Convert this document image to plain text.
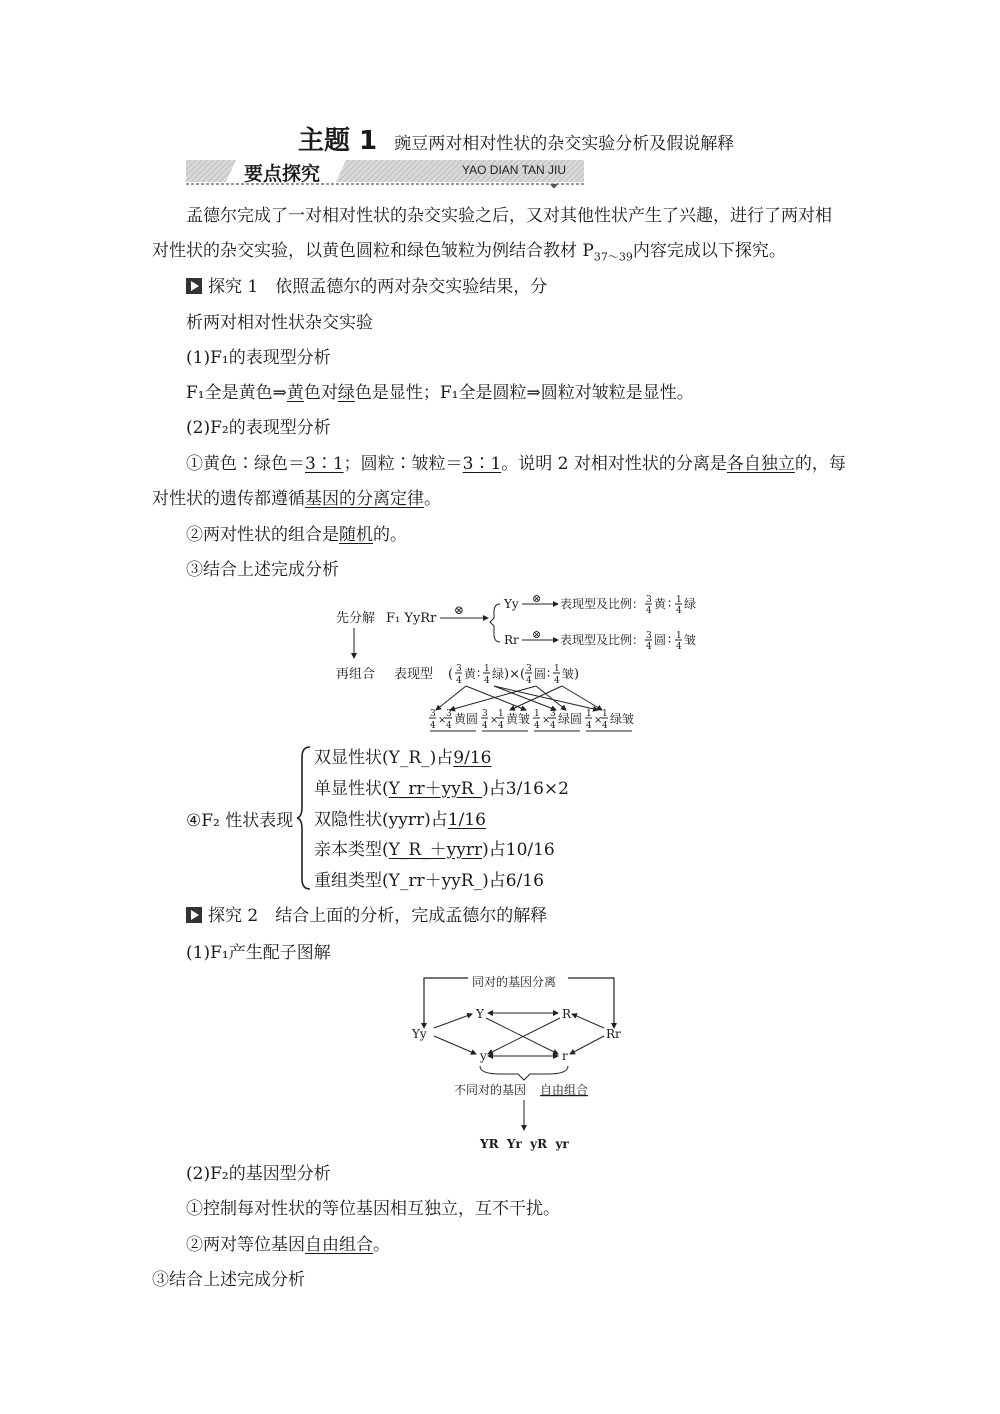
主题 1 豌豆两对相对性状的杂交实验分析及假说解释
要点探究	YAO DIAN TAN JIU
孟德尔完成了一对相对性状的杂交实验之后，又对其他性状产生了兴趣，进行了两对相
对性状的杂交实验，以黄色圆粒和绿色皱粒为例结合教材 $P_{37\sim 39}$内容完成以下探究。
探究 1　依照孟德尔的两对杂交实验结果，分
析两对相对性状杂交实验
(1)F₁的表现型分析
F₁全是黄色⇒黄色对绿色是显性；F₁全是圆粒⇒圆粒对皱粒是显性。
(2)F₂的表现型分析
①黄色∶绿色＝3∶1；圆粒∶皱粒＝3∶1。说明 2 对相对性状的分离是各自独立的，每
对性状的遗传都遵循基因的分离定律。
②两对性状的组合是随机的。
③结合上述完成分析
先分解 F₁ YyRr
⊗	Yy ⊗ 表现型及比例： 3
4 黄 ∶ 1
4 绿
Rr ⊗ 表现型及比例： 3
4 圆 ∶ 1
4 皱
再组合 表现型 ( 3
4 黄 ∶ 1
4 绿 )×( 3
4 圆 ∶ 1
4 皱 )
3
4 ×
3
4 黄圆 3
4 ×
1
4 黄皱 1
4 ×
3
4 绿圆 1
4 ×
1
4 绿皱
④F₂ 性状表现
双显性状(Y_R_)占9/16
单显性状(Y_rr＋yyR_)占3/16×2
双隐性状(yyrr)占1/16
亲本类型(Y_R_＋yyrr)占10/16
重组类型(Y_rr＋yyR_)占6/16
探究 2　结合上面的分析，完成孟德尔的解释
(1)F₁产生配子图解
同对的基因分离
Yy	Rr
Y	R
y	r
不同对的基因 自由组合
YR  Yr  yR  yr
(2)F₂的基因型分析
①控制每对性状的等位基因相互独立，互不干扰。
②两对等位基因自由组合。
③结合上述完成分析
